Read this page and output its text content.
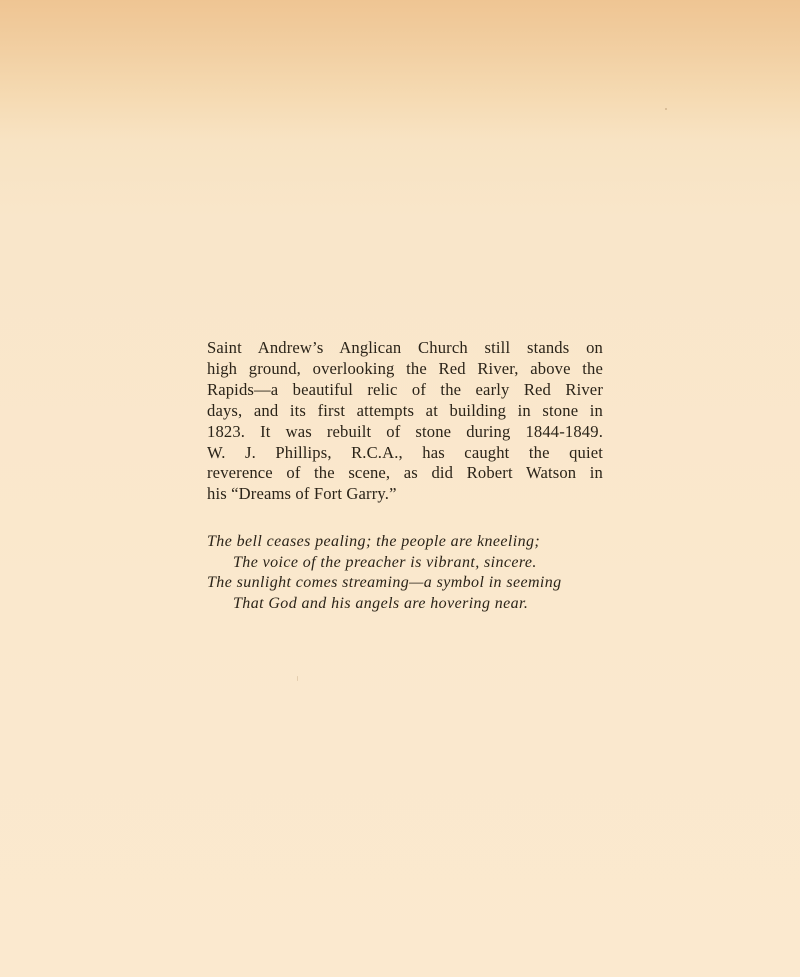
Saint Andrew’s Anglican Church still stands on
high ground, overlooking the Red River, above the
Rapids—a beautiful relic of the early Red River
days, and its first attempts at building in stone in
1823. It was rebuilt of stone during 1844-1849.
W. J. Phillips, R.C.A., has caught the quiet
reverence of the scene, as did Robert Watson in
his “Dreams of Fort Garry.”
The bell ceases pealing; the people are kneeling;
The voice of the preacher is vibrant, sincere.
The sunlight comes streaming—a symbol in seeming
That God and his angels are hovering near.
